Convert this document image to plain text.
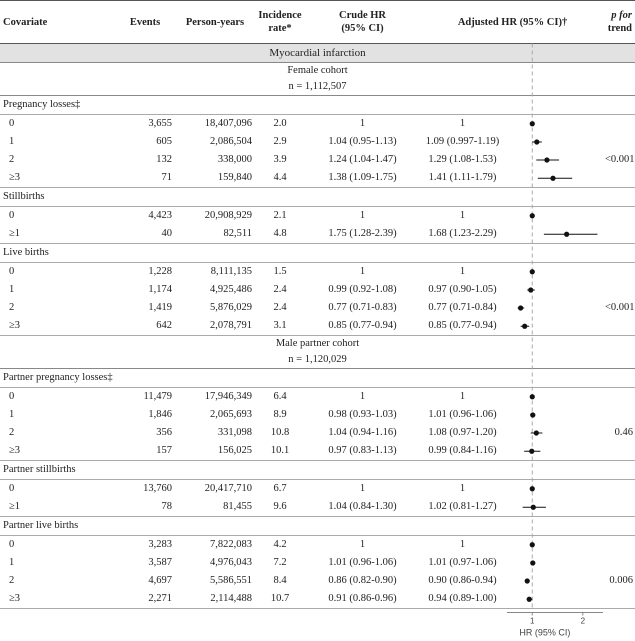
Covariate	Events	Person-years	Incidence
rate*	Crude HR
(95% CI)	Adjusted HR (95% CI)†		p for
trend
Myocardial infarction							
Female cohort							
n = 1,112,507							
Pregnancy losses‡							
0	3,655	18,407,096	2.0	1	1		
1	605	2,086,504	2.9	1.04 (0.95-1.13)	1.09 (0.997-1.19)		
2	132	338,000	3.9	1.24 (1.04-1.47)	1.29 (1.08-1.53)		<0.001
≥3	71	159,840	4.4	1.38 (1.09-1.75)	1.41 (1.11-1.79)		
Stillbirths							
0	4,423	20,908,929	2.1	1	1		
≥1	40	82,511	4.8	1.75 (1.28-2.39)	1.68 (1.23-2.29)		
Live births							
0	1,228	8,111,135	1.5	1	1		
1	1,174	4,925,486	2.4	0.99 (0.92-1.08)	0.97 (0.90-1.05)		
2	1,419	5,876,029	2.4	0.77 (0.71-0.83)	0.77 (0.71-0.84)		<0.001
≥3	642	2,078,791	3.1	0.85 (0.77-0.94)	0.85 (0.77-0.94)		
Male partner cohort							
n = 1,120,029							
Partner pregnancy losses‡							
0	11,479	17,946,349	6.4	1	1		
1	1,846	2,065,693	8.9	0.98 (0.93-1.03)	1.01 (0.96-1.06)		
2	356	331,098	10.8	1.04 (0.94-1.16)	1.08 (0.97-1.20)		0.46
≥3	157	156,025	10.1	0.97 (0.83-1.13)	0.99 (0.84-1.16)		
Partner stillbirths							
0	13,760	20,417,710	6.7	1	1		
≥1	78	81,455	9.6	1.04 (0.84-1.30)	1.02 (0.81-1.27)		
Partner live births							
0	3,283	7,822,083	4.2	1	1		
1	3,587	4,976,043	7.2	1.01 (0.96-1.06)	1.01 (0.97-1.06)		
2	4,697	5,586,551	8.4	0.86 (0.82-0.90)	0.90 (0.86-0.94)		0.006
≥3	2,271	2,114,488	10.7	0.91 (0.86-0.96)	0.94 (0.89-1.00)		

1	2
HR (95% CI)
